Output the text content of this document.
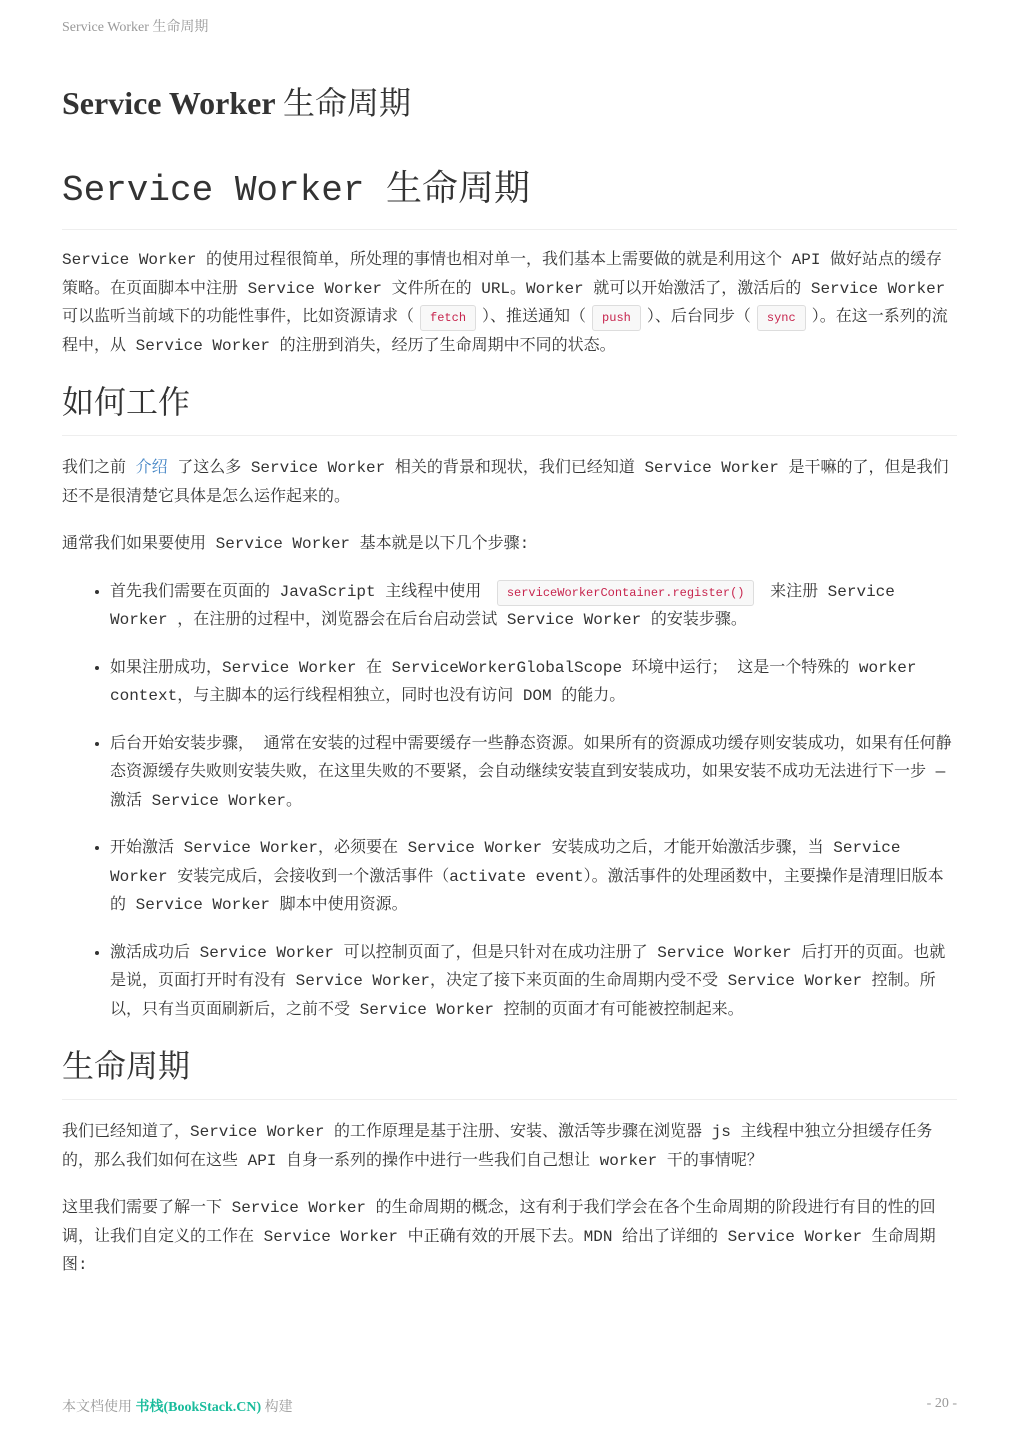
Service Worker 生命周期
Service Worker 生命周期
Service Worker 生命周期

Service Worker 的使用过程很简单，所处理的事情也相对单一，我们基本上需要做的就是利用这个 API 做好站点的缓存策略。在页面脚本中注册 Service Worker 文件所在的 URL。Worker 就可以开始激活了，激活后的 Service Worker 可以监听当前域下的功能性事件，比如资源请求（ fetch ）、推送通知（ push ）、后台同步（ sync ）。在这一系列的流程中，从 Service Worker 的注册到消失，经历了生命周期中不同的状态。

如何工作

我们之前 介绍 了这么多 Service Worker 相关的背景和现状，我们已经知道 Service Worker 是干嘛的了，但是我们还不是很清楚它具体是怎么运作起来的。

通常我们如果要使用 Service Worker 基本就是以下几个步骤:

• 首先我们需要在页面的 JavaScript 主线程中使用 serviceWorkerContainer.register() 来注册 Service Worker ，在注册的过程中，浏览器会在后台启动尝试 Service Worker 的安装步骤。
• 如果注册成功，Service Worker 在 ServiceWorkerGlobalScope 环境中运行； 这是一个特殊的 worker context，与主脚本的运行线程相独立，同时也没有访问 DOM 的能力。
• 后台开始安装步骤， 通常在安装的过程中需要缓存一些静态资源。如果所有的资源成功缓存则安装成功，如果有任何静态资源缓存失败则安装失败，在这里失败的不要紧，会自动继续安装直到安装成功，如果安装不成功无法进行下一步 — 激活 Service Worker。
• 开始激活 Service Worker，必须要在 Service Worker 安装成功之后，才能开始激活步骤，当 Service Worker 安装完成后，会接收到一个激活事件（activate event）。激活事件的处理函数中，主要操作是清理旧版本的 Service Worker 脚本中使用资源。
• 激活成功后 Service Worker 可以控制页面了，但是只针对在成功注册了 Service Worker 后打开的页面。也就是说，页面打开时有没有 Service Worker，决定了接下来页面的生命周期内受不受 Service Worker 控制。所以，只有当页面刷新后，之前不受 Service Worker 控制的页面才有可能被控制起来。
生命周期

我们已经知道了，Service Worker 的工作原理是基于注册、安装、激活等步骤在浏览器 js 主线程中独立分担缓存任务的，那么我们如何在这些 API 自身一系列的操作中进行一些我们自己想让 worker 干的事情呢？

这里我们需要了解一下 Service Worker 的生命周期的概念，这有利于我们学会在各个生命周期的阶段进行有目的性的回调，让我们自定义的工作在 Service Worker 中正确有效的开展下去。MDN 给出了详细的 Service Worker 生命周期图:

本文档使用 书栈(BookStack.CN) 构建	- 20 -
